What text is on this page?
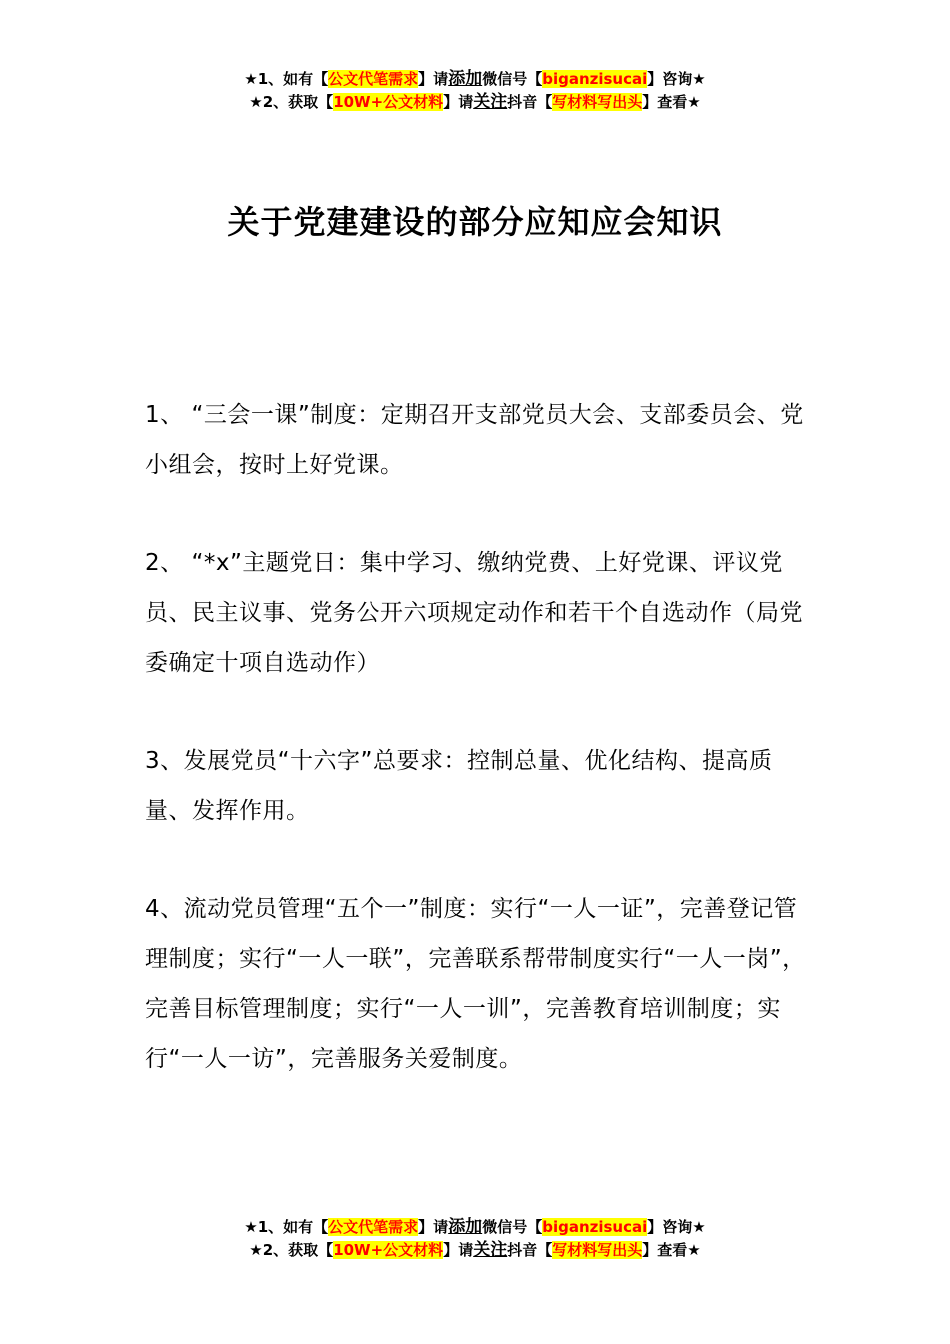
★1、如有【公文代笔需求】请添加微信号【biganzisucai】咨询★
★2、获取【10W+公文材料】请关注抖音【写材料写出头】查看★
关于党建建设的部分应知应会知识

1、 “三会一课”制度：定期召开支部党员大会、支部委员会、党小组会，按时上好党课。

2、 “*x”主题党日：集中学习、缴纳党费、上好党课、评议党员、民主议事、党务公开六项规定动作和若干个自选动作（局党委确定十项自选动作）

3、发展党员“十六字”总要求：控制总量、优化结构、提高质量、发挥作用。

4、流动党员管理“五个一”制度：实行“一人一证”，完善登记管理制度；实行“一人一联”，完善联系帮带制度实行“一人一岗”，完善目标管理制度；实行“一人一训”，完善教育培训制度；实行“一人一访”，完善服务关爱制度。

★1、如有【公文代笔需求】请添加微信号【biganzisucai】咨询★
★2、获取【10W+公文材料】请关注抖音【写材料写出头】查看★
